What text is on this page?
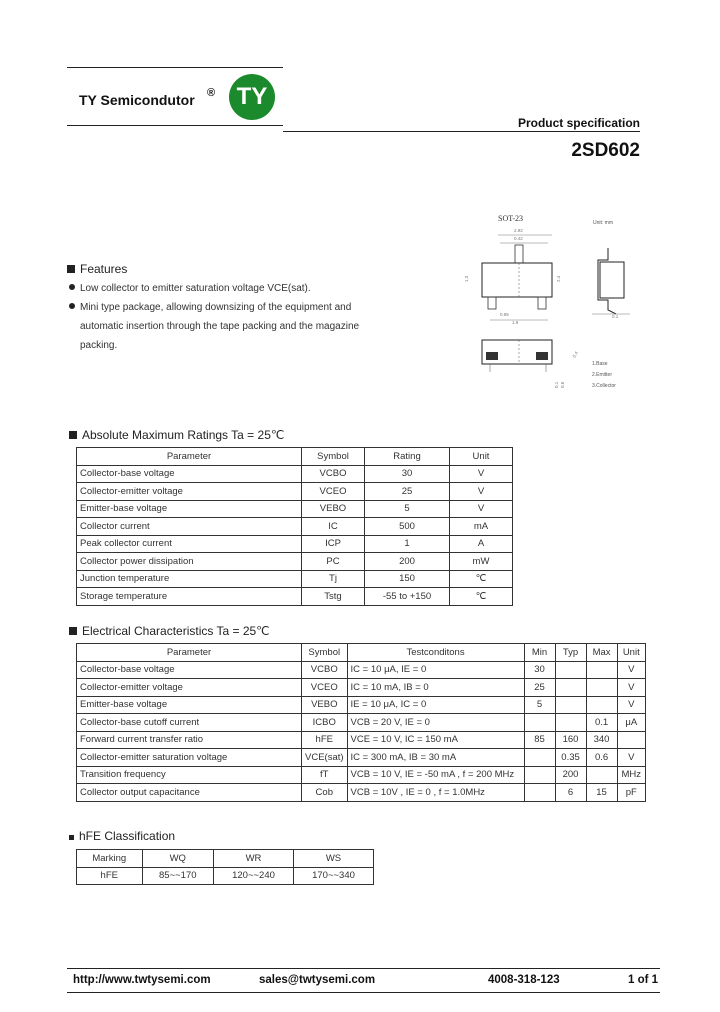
TY Semicondutor ® TY
Product specification
2SD602
SOT-23	Unit: mm
2.92
0.42
1.3	2.4
0.95
1.9
0.1
0.4
0.1 0.6
1.Base
2.Emitter
3.Collector
Features
Low collector to emitter saturation voltage VCE(sat).
Mini type package, allowing downsizing of the equipment and
automatic insertion through the tape packing and the magazine
packing.
Absolute Maximum Ratings Ta = 25℃
Parameter	Symbol	Rating	Unit
Collector-base voltage	VCBO	30	V
Collector-emitter voltage	VCEO	25	V
Emitter-base voltage	VEBO	5	V
Collector current	IC	500	mA
Peak collector current	ICP	1	A
Collector power dissipation	PC	200	mW
Junction temperature	Tj	150	℃
Storage temperature	Tstg	-55 to +150	℃
Electrical Characteristics Ta = 25℃
Parameter	Symbol	Testconditons	Min	Typ	Max	Unit
Collector-base voltage	VCBO	IC = 10 μA, IE = 0	30			V
Collector-emitter voltage	VCEO	IC = 10 mA, IB = 0	25			V
Emitter-base voltage	VEBO	IE = 10 μA, IC = 0	5			V
Collector-base cutoff current	ICBO	VCB = 20 V, IE = 0			0.1	μA
Forward current transfer ratio	hFE	VCE = 10 V, IC = 150 mA	85	160	340	
Collector-emitter saturation voltage	VCE(sat)	IC = 300 mA, IB = 30 mA		0.35	0.6	V
Transition frequency	fT	VCB = 10 V, IE = -50 mA , f = 200 MHz		200		MHz
Collector output capacitance	Cob	VCB = 10V , IE = 0 , f = 1.0MHz		6	15	pF
hFE Classification
Marking	WQ	WR	WS
hFE	85~~170	120~~240	170~~340
http://www.twtysemi.com	sales@twtysemi.com	4008-318-123	1 of 1
